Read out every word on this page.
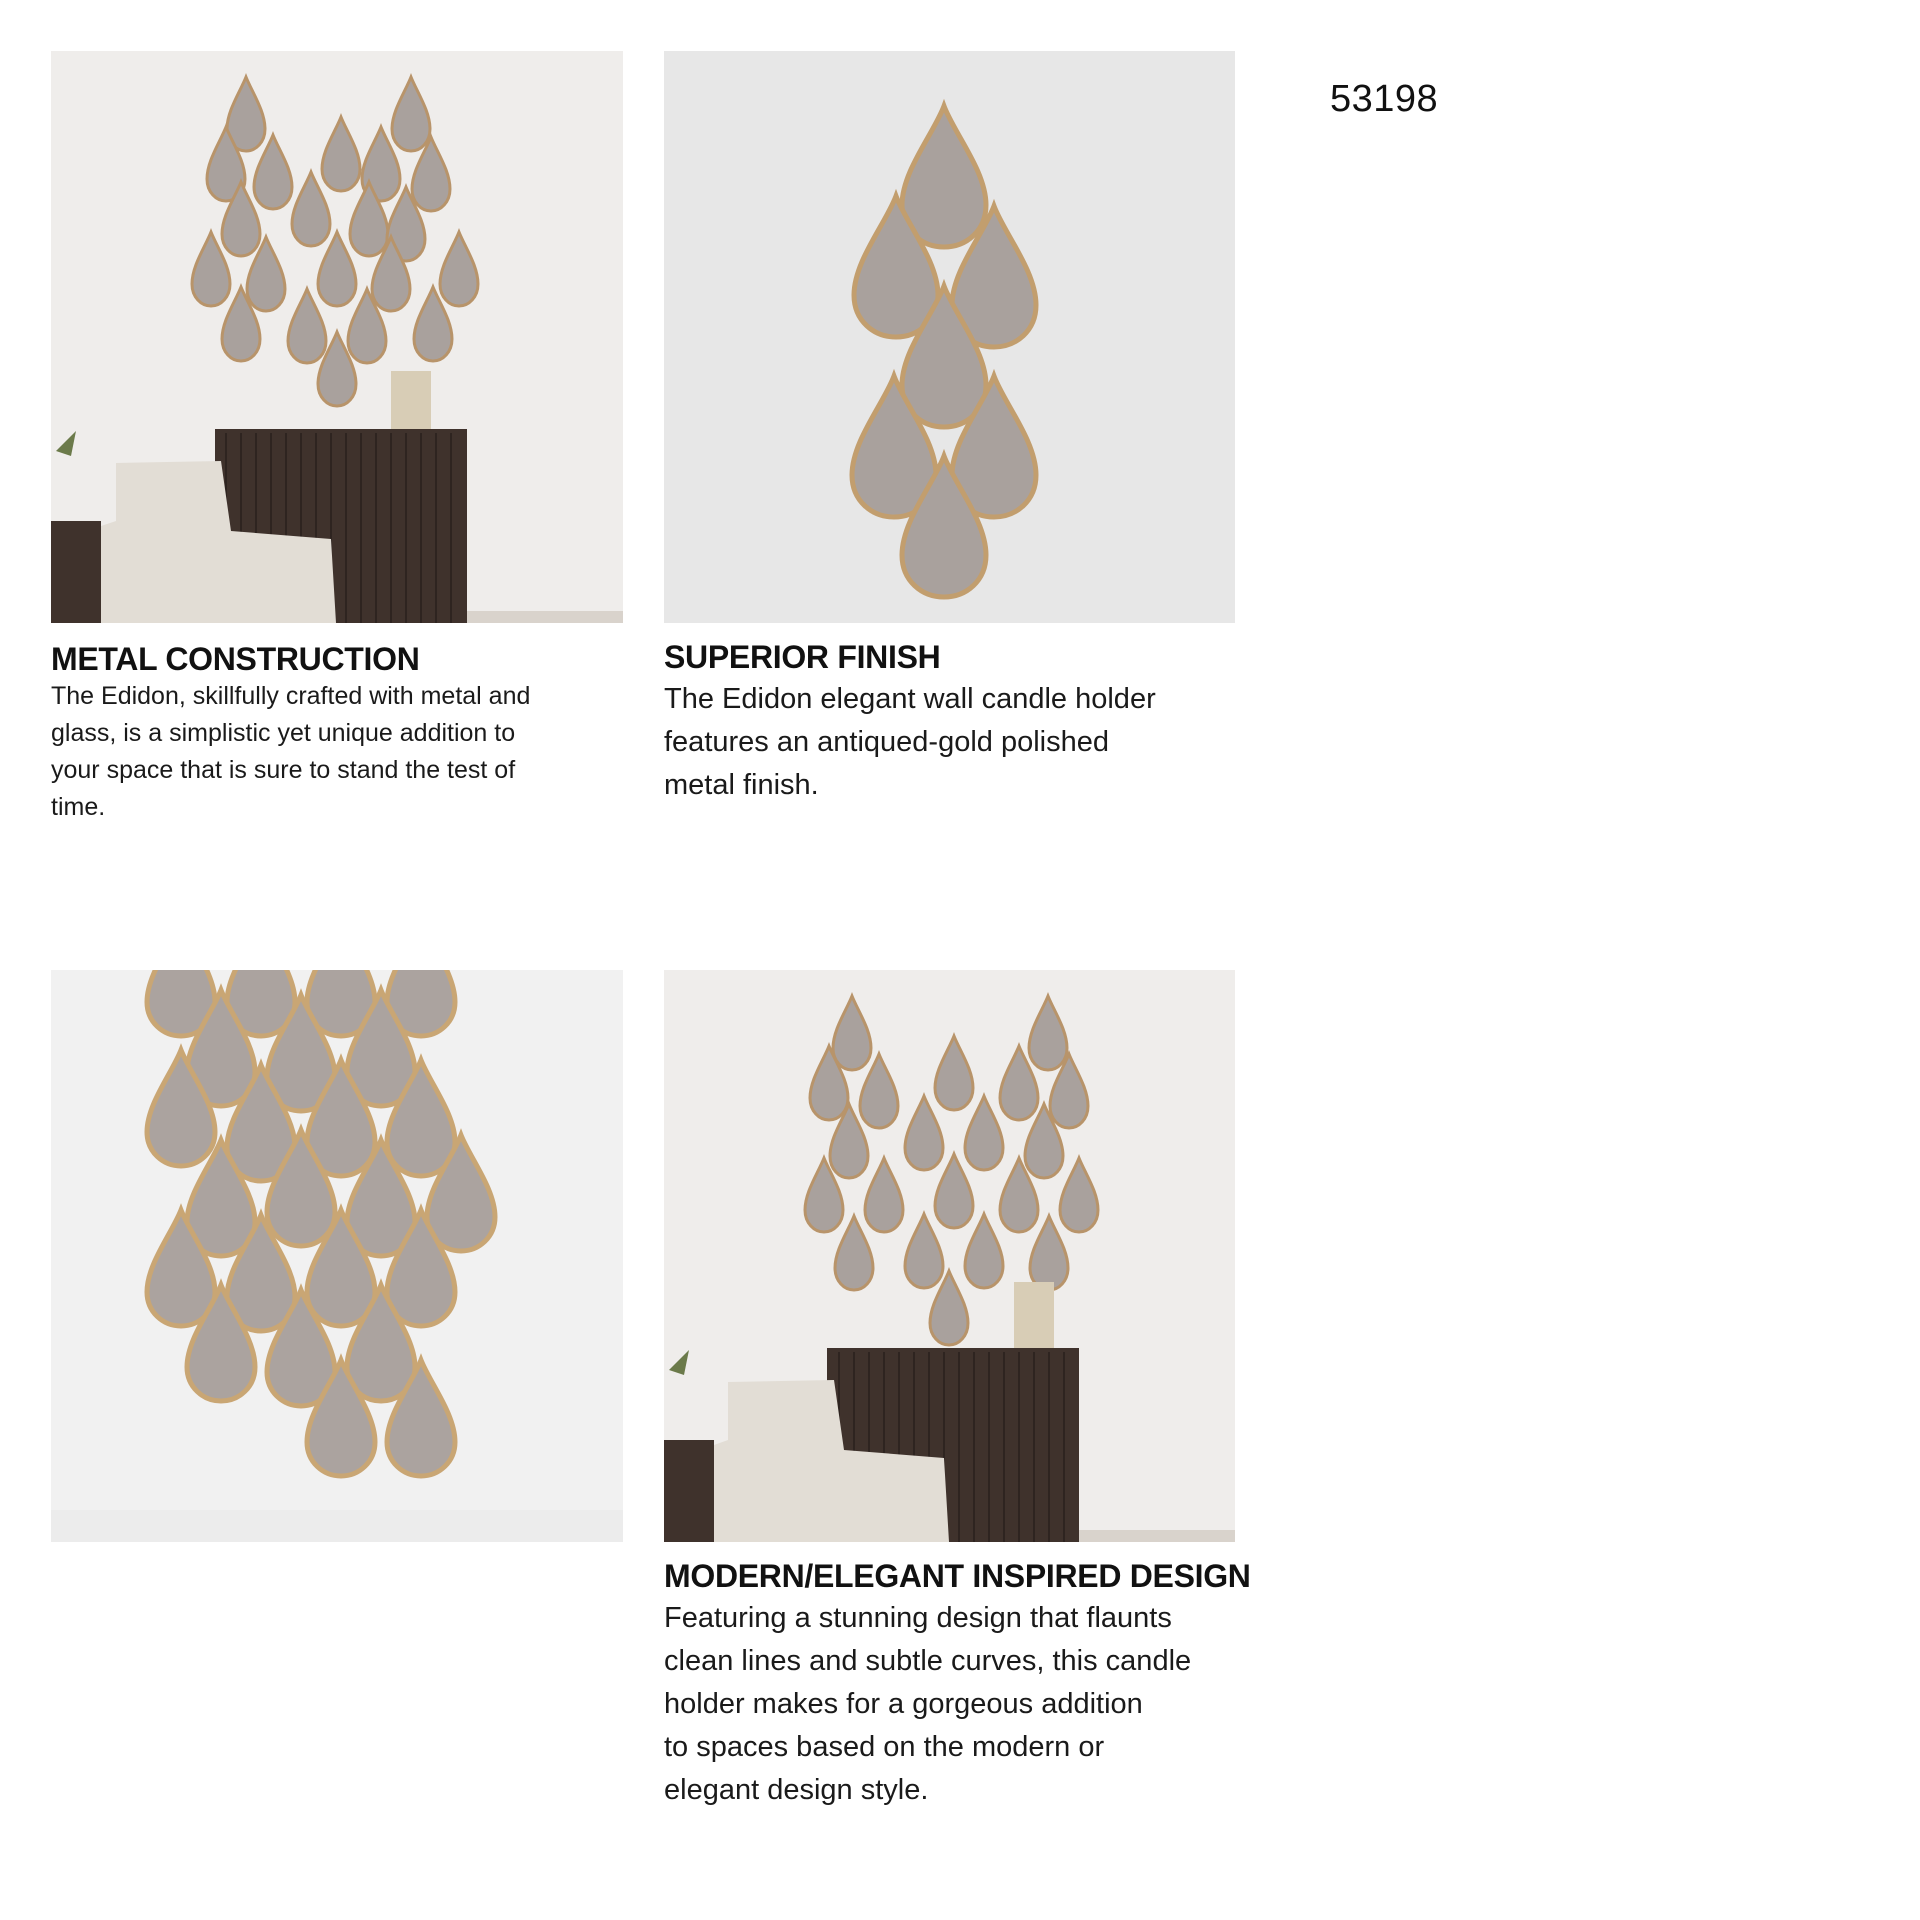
53198
METAL CONSTRUCTION

The Edidon, skillfully crafted with metal and
glass, is a simplistic yet unique addition to
your space that is sure to stand the test of
time.

SUPERIOR FINISH

The Edidon elegant wall candle holder
features an antiqued-gold polished
metal finish.

MODERN/ELEGANT INSPIRED DESIGN

Featuring a stunning design that flaunts
clean lines and subtle curves, this candle
holder makes for a gorgeous addition
to spaces based on the modern or
elegant design style.
